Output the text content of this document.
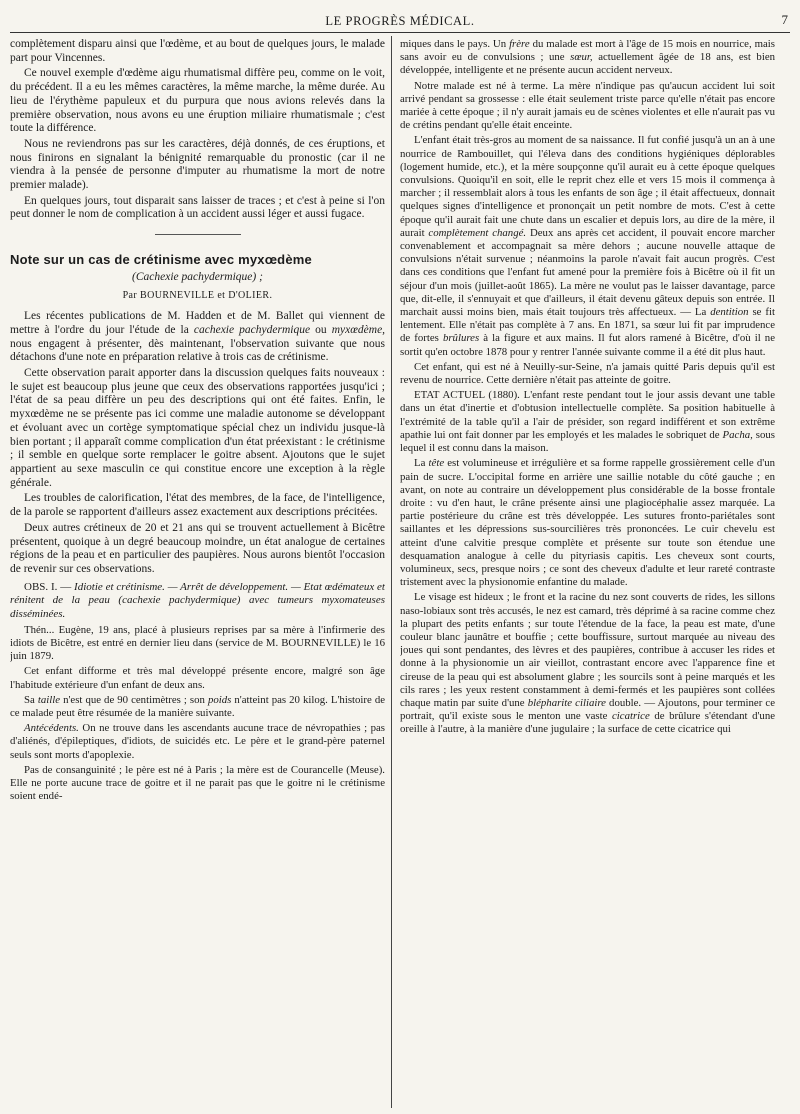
LE PROGRÈS MÉDICAL.	7

complètement disparu ainsi que l'œdème, et au bout de quelques jours, le malade part pour Vincennes.

Ce nouvel exemple d'œdème aigu rhumatismal diffère peu, comme on le voit, du précédent. Il a eu les mêmes caractères, la même marche, la même durée. Au lieu de l'érythème papuleux et du purpura que nous avions relevés dans la première observation, nous avons eu une éruption miliaire rhumatismale ; c'est toute la différence.

Nous ne reviendrons pas sur les caractères, déjà donnés, de ces éruptions, et nous finirons en signalant la bénignité remarquable du pronostic (car il ne viendra à la pensée de personne d'imputer au rhumatisme la mort de notre premier malade).

En quelques jours, tout disparait sans laisser de traces ; et c'est à peine si l'on peut donner le nom de complication à un accident aussi léger et aussi fugace.

Note sur un cas de crétinisme avec myxœdème

(Cachexie pachydermique) ;

Par BOURNEVILLE et D'OLIER.

Les récentes publications de M. Hadden et de M. Ballet qui viennent de mettre à l'ordre du jour l'étude de la cachexie pachydermique ou myxœdème, nous engagent à présenter, dès maintenant, l'observation suivante que nous détachons d'une note en préparation relative à trois cas de crétinisme.

Cette observation parait apporter dans la discussion quelques faits nouveaux : le sujet est beaucoup plus jeune que ceux des observations rapportées jusqu'ici ; l'état de sa peau diffère un peu des descriptions qui ont été faites. Enfin, le myxœdème ne se présente pas ici comme une maladie autonome se développant et évoluant avec un cortège symptomatique spécial chez un individu jusque-là bien portant ; il apparaît comme complication d'un état préexistant : le crétinisme ; il semble en quelque sorte remplacer le goitre absent. Ajoutons que le sujet appartient au sexe masculin ce qui constitue encore une exception à la règle générale.

Les troubles de calorification, l'état des membres, de la face, de l'intelligence, de la parole se rapportent d'ailleurs assez exactement aux descriptions précitées.

Deux autres crétineux de 20 et 21 ans qui se trouvent actuellement à Bicêtre présentent, quoique à un degré beaucoup moindre, un état analogue de certaines régions de la peau et en particulier des paupières. Nous aurons bientôt l'occasion de revenir sur ces observations.

OBS. I. — Idiotie et crétinisme. — Arrêt de développement. — Etat œdémateux et rénitent de la peau (cachexie pachydermique) avec tumeurs myxomateuses disséminées.

Thén... Eugène, 19 ans, placé à plusieurs reprises par sa mère à l'infirmerie des idiots de Bicêtre, est entré en dernier lieu dans (service de M. BOURNEVILLE) le 16 juin 1879.

Cet enfant difforme et très mal développé présente encore, malgré son âge l'habitude extérieure d'un enfant de deux ans.

Sa taille n'est que de 90 centimètres ; son poids n'atteint pas 20 kilog. L'histoire de ce malade peut être résumée de la manière suivante.

Antécédents. On ne trouve dans les ascendants aucune trace de névropathies ; pas d'aliénés, d'épileptiques, d'idiots, de suicidés etc. Le père et le grand-père paternel seuls sont morts d'apoplexie.

Pas de consanguinité ; le père est né à Paris ; la mère est de Courancelle (Meuse). Elle ne porte aucune trace de goitre et il ne parait pas que le goitre ni le crétinisme soient endé-

miques dans le pays. Un frère du malade est mort à l'âge de 15 mois en nourrice, mais sans avoir eu de convulsions ; une sœur, actuellement âgée de 18 ans, est bien développée, intelligente et ne présente aucun accident nerveux.

Notre malade est né à terme. La mère n'indique pas qu'aucun accident lui soit arrivé pendant sa grossesse : elle était seulement triste parce qu'elle n'était pas encore mariée à cette époque ; il n'y aurait jamais eu de scènes violentes et elle n'aurait pas vu de crétins pendant qu'elle était enceinte.

L'enfant était très-gros au moment de sa naissance. Il fut confié jusqu'à un an à une nourrice de Rambouillet, qui l'éleva dans des conditions hygiéniques déplorables (logement humide, etc.), et la mère soupçonne qu'il aurait eu à cette époque quelques convulsions. Quoiqu'il en soit, elle le reprit chez elle et vers 15 mois il commença à marcher ; il ressemblait alors à tous les enfants de son âge ; il était affectueux, donnait quelques signes d'intelligence et prononçait un petit nombre de mots. C'est à cette époque qu'il aurait fait une chute dans un escalier et depuis lors, au dire de la mère, il aurait complètement changé. Deux ans après cet accident, il pouvait encore marcher convenablement et accompagnait sa mère dehors ; aucune nouvelle attaque de convulsions n'était survenue ; néanmoins la parole n'avait fait aucun progrès. C'est dans ces conditions que l'enfant fut amené pour la première fois à Bicêtre où il fit un séjour d'un mois (juillet-août 1865). La mère ne voulut pas le laisser davantage, parce que, dit-elle, il s'ennuyait et que d'ailleurs, il était devenu gâteux depuis son entrée. Il marchait aussi moins bien, mais était toujours très affectueux. — La dentition se fit lentement. Elle n'était pas complète à 7 ans. En 1871, sa sœur lui fit par imprudence de fortes brûlures à la figure et aux mains. Il fut alors ramené à Bicêtre, d'où il ne sortit qu'en octobre 1878 pour y rentrer l'année suivante comme il a été dit plus haut.

Cet enfant, qui est né à Neuilly-sur-Seine, n'a jamais quitté Paris depuis qu'il est revenu de nourrice. Cette dernière n'était pas atteinte de goitre.

ETAT ACTUEL (1880). L'enfant reste pendant tout le jour assis devant une table dans un état d'inertie et d'obtusion intellectuelle complète. Sa position habituelle à l'extrémité de la table qu'il a l'air de présider, son regard indifférent et son extrême apathie lui ont fait donner par les employés et les malades le sobriquet de Pacha, sous lequel il est connu dans la maison.

La tête est volumineuse et irrégulière et sa forme rappelle grossièrement celle d'un pain de sucre. L'occipital forme en arrière une saillie notable du côté gauche ; en avant, on note au contraire un développement plus considérable de la bosse frontale droite : vu d'en haut, le crâne présente ainsi une plagiocéphalie assez marquée. La partie postérieure du crâne est très développée. Les sutures fronto-pariétales sont saillantes et les dépressions sus-sourcilières très prononcées. Le cuir chevelu est atteint d'une calvitie presque complète et présente sur toute son étendue une desquamation analogue à celle du pityriasis capitis. Les cheveux sont courts, volumineux, secs, presque noirs ; ce sont des cheveux d'adulte et leur rareté contraste tristement avec la physionomie enfantine du malade.

Le visage est hideux ; le front et la racine du nez sont couverts de rides, les sillons naso-lobiaux sont très accusés, le nez est camard, très déprimé à sa racine comme chez la plupart des petits enfants ; sur toute l'étendue de la face, la peau est mate, d'une couleur blanc jaunâtre et bouffie ; cette bouffissure, surtout marquée au niveau des joues qui sont pendantes, des lèvres et des paupières, contribue à accuser les rides et donne à la physionomie un air vieillot, contrastant encore avec l'apparence fine et cireuse de la peau qui est absolument glabre ; les sourcils sont à peine marqués et les cils rares ; les yeux restent constamment à demi-fermés et les paupières sont collées chaque matin par suite d'une blépharite ciliaire double. — Ajoutons, pour terminer ce portrait, qu'il existe sous le menton une vaste cicatrice de brûlure s'étendant d'une oreille à l'autre, à la manière d'une jugulaire ; la surface de cette cicatrice qui
